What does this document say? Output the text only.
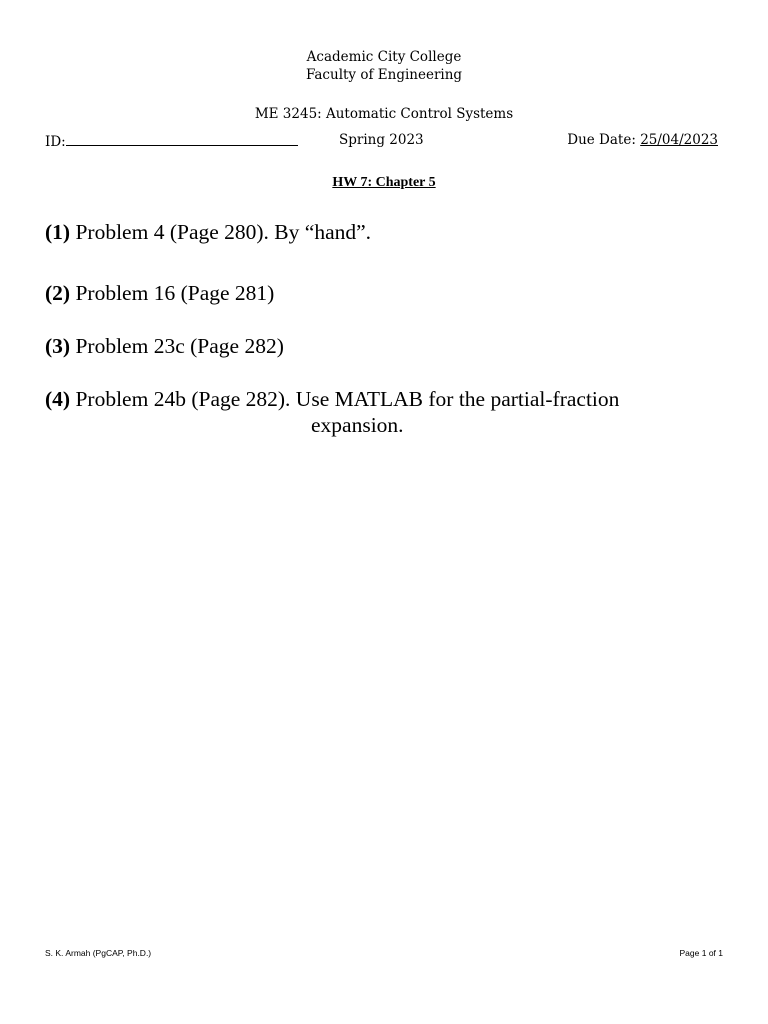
Academic City College
Faculty of Engineering
ME 3245: Automatic Control Systems
ID:	Spring 2023	Due Date: 25/04/2023
HW 7: Chapter 5
(1) Problem 4 (Page 280). By “hand”.
(2) Problem 16 (Page 281)
(3) Problem 23c (Page 282)
(4) Problem 24b (Page 282). Use MATLAB for the partial-fraction
expansion.
S. K. Armah (PgCAP, Ph.D.)	Page 1 of 1
